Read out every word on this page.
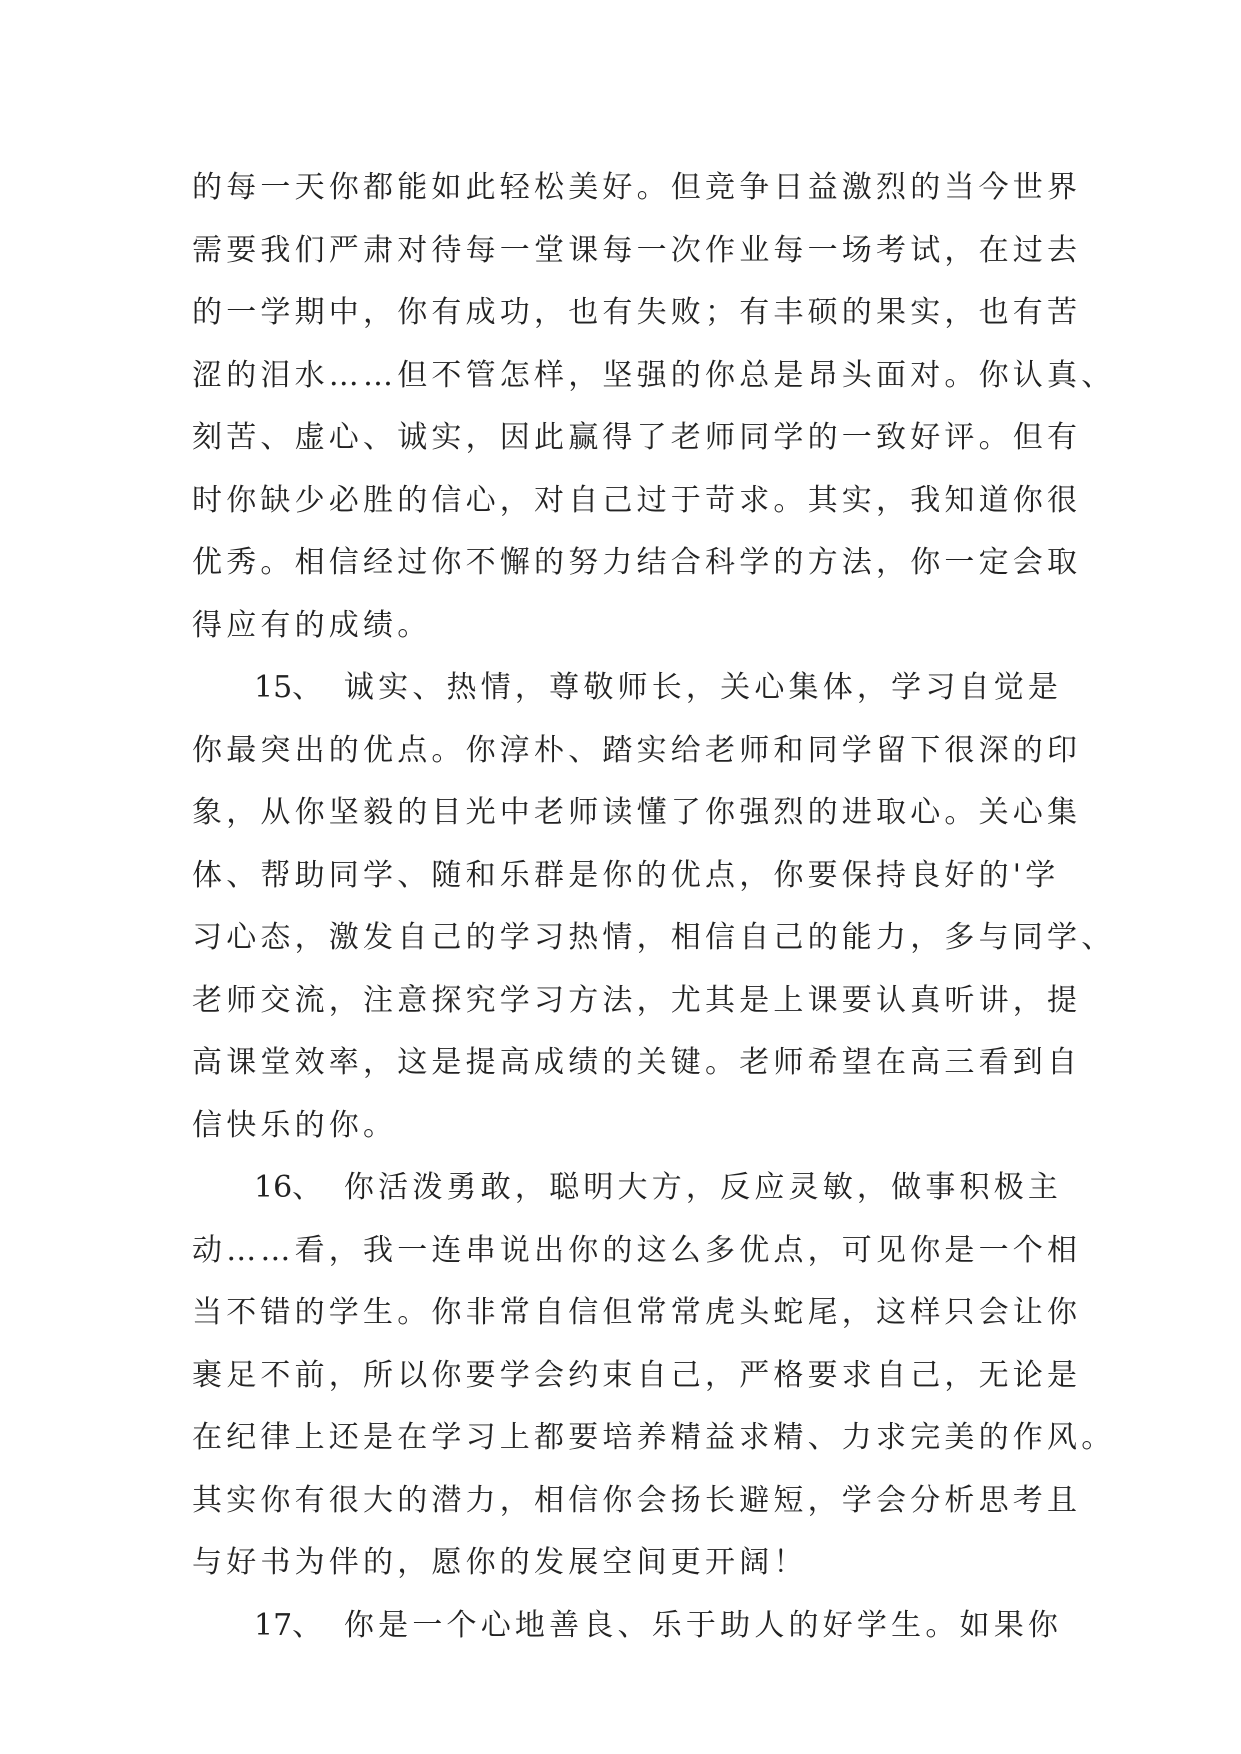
的每一天你都能如此轻松美好。但竞争日益激烈的当今世界
需要我们严肃对待每一堂课每一次作业每一场考试，在过去
的一学期中，你有成功，也有失败；有丰硕的果实，也有苦
涩的泪水……但不管怎样，坚强的你总是昂头面对。你认真、
刻苦、虚心、诚实，因此赢得了老师同学的一致好评。但有
时你缺少必胜的信心，对自己过于苛求。其实，我知道你很
优秀。相信经过你不懈的努力结合科学的方法，你一定会取
得应有的成绩。
15、 诚实、热情，尊敬师长，关心集体，学习自觉是
你最突出的优点。你淳朴、踏实给老师和同学留下很深的印
象，从你坚毅的目光中老师读懂了你强烈的进取心。关心集
体、帮助同学、随和乐群是你的优点，你要保持良好的'学
习心态，激发自己的学习热情，相信自己的能力，多与同学、
老师交流，注意探究学习方法，尤其是上课要认真听讲，提
高课堂效率，这是提高成绩的关键。老师希望在高三看到自
信快乐的你。
16、 你活泼勇敢，聪明大方，反应灵敏，做事积极主
动……看，我一连串说出你的这么多优点，可见你是一个相
当不错的学生。你非常自信但常常虎头蛇尾，这样只会让你
裹足不前，所以你要学会约束自己，严格要求自己，无论是
在纪律上还是在学习上都要培养精益求精、力求完美的作风。
其实你有很大的潜力，相信你会扬长避短，学会分析思考且
与好书为伴的，愿你的发展空间更开阔！
17、 你是一个心地善良、乐于助人的好学生。如果你
